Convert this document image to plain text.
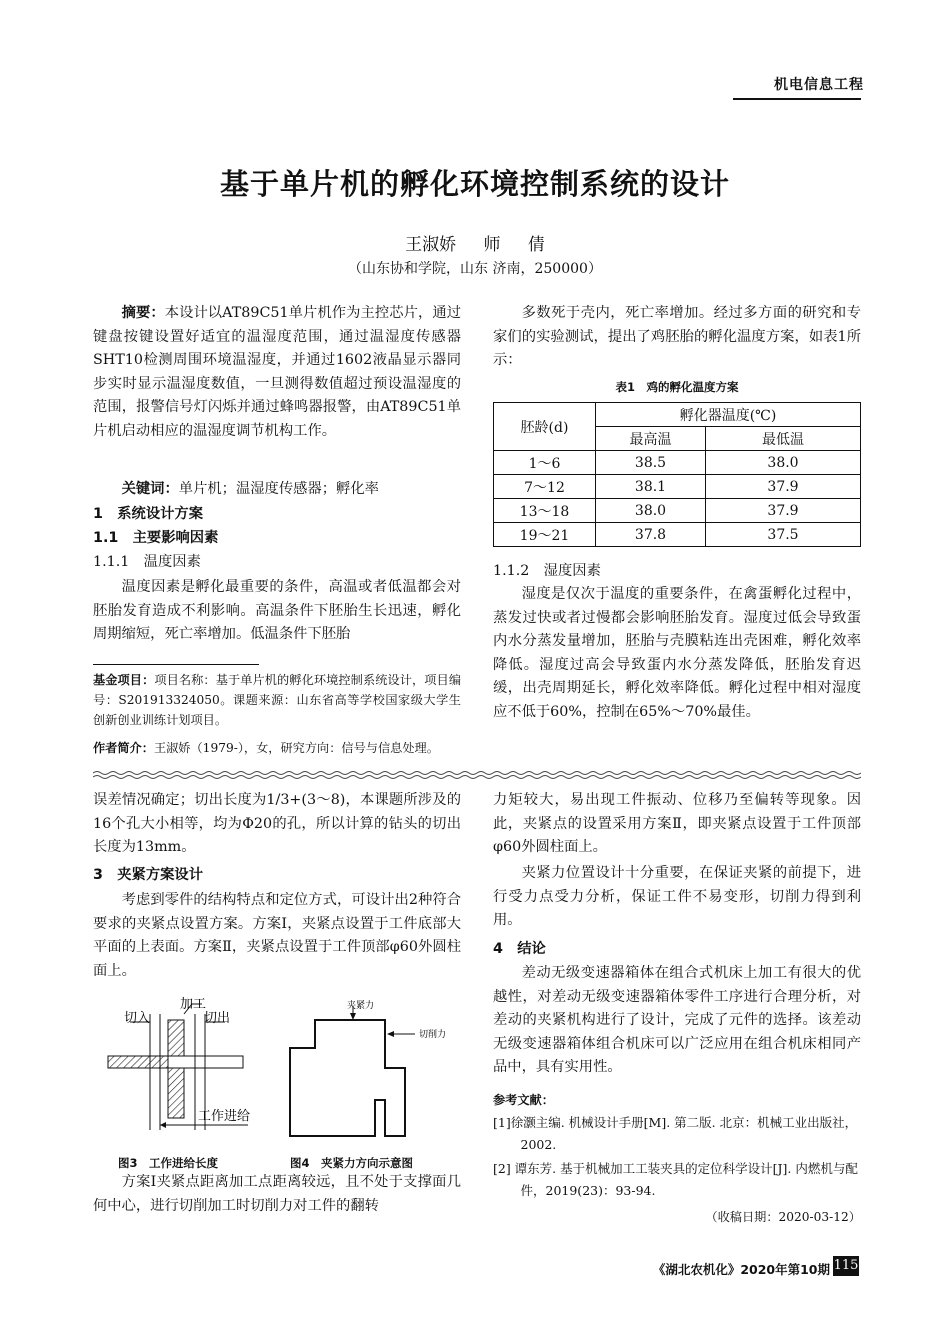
机电信息工程
基于单片机的孵化环境控制系统的设计
王淑娇 师 倩
（山东协和学院，山东 济南，250000）
摘要：本设计以AT89C51单片机作为主控芯片，通过键盘按键设置好适宜的温湿度范围，通过温湿度传感器SHT10检测周围环境温湿度，并通过1602液晶显示器同步实时显示温湿度数值，一旦测得数值超过预设温湿度的范围，报警信号灯闪烁并通过蜂鸣器报警，由AT89C51单片机启动相应的温湿度调节机构工作。
关键词：单片机；温湿度传感器；孵化率
1　系统设计方案
1.1　主要影响因素
1.1.1　温度因素
温度因素是孵化最重要的条件，高温或者低温都会对胚胎发育造成不利影响。高温条件下胚胎生长迅速，孵化周期缩短，死亡率增加。低温条件下胚胎
基金项目：项目名称：基于单片机的孵化环境控制系统设计，项目编号：S201913324050。课题来源：山东省高等学校国家级大学生创新创业训练计划项目。
作者简介：王淑娇（1979-），女，研究方向：信号与信息处理。
多数死于壳内，死亡率增加。经过多方面的研究和专家们的实验测试，提出了鸡胚胎的孵化温度方案，如表1所示：
表1　鸡的孵化温度方案
胚龄(d)	孵化器温度(℃)	
	最高温	最低温
1～6	38.5	38.0
7～12	38.1	37.9
13～18	38.0	37.9
19～21	37.8	37.5
1.1.2　湿度因素
湿度是仅次于温度的重要条件，在禽蛋孵化过程中，蒸发过快或者过慢都会影响胚胎发育。湿度过低会导致蛋内水分蒸发量增加，胚胎与壳膜粘连出壳困难，孵化效率降低。湿度过高会导致蛋内水分蒸发降低，胚胎发育迟缓，出壳周期延长，孵化效率降低。孵化过程中相对湿度应不低于60%，控制在65%～70%最佳。
误差情况确定；切出长度为1/3+(3～8)，本课题所涉及的16个孔大小相等，均为Φ20的孔，所以计算的钻头的切出长度为13mm。
3　夹紧方案设计
考虑到零件的结构特点和定位方式，可设计出2种符合要求的夹紧点设置方案。方案Ⅰ，夹紧点设置于工件底部大平面的上表面。方案Ⅱ，夹紧点设置于工件顶部φ60外圆柱面上。
切入
加工
切出
工作进给
夹紧力
切削力
图3　工作进给长度	图4　夹紧力方向示意图
方案Ⅰ夹紧点距离加工点距离较远，且不处于支撑面几何中心，进行切削加工时切削力对工件的翻转
力矩较大，易出现工件振动、位移乃至偏转等现象。因此，夹紧点的设置采用方案Ⅱ，即夹紧点设置于工件顶部φ60外圆柱面上。
夹紧力位置设计十分重要，在保证夹紧的前提下，进行受力点受力分析，保证工件不易变形，切削力得到利用。
4　结论
差动无级变速器箱体在组合式机床上加工有很大的优越性，对差动无级变速器箱体零件工序进行合理分析，对差动的夹紧机构进行了设计，完成了元件的选择。该差动无级变速器箱体组合机床可以广泛应用在组合机床相同产品中，具有实用性。
参考文献：
[1]徐灏主编. 机械设计手册[M]. 第二版. 北京：机械工业出版社，2002.
[2] 谭东芳. 基于机械加工工装夹具的定位科学设计[J]. 内燃机与配件，2019(23)：93-94.
（收稿日期：2020-03-12）
《湖北农机化》2020年第10期 115
